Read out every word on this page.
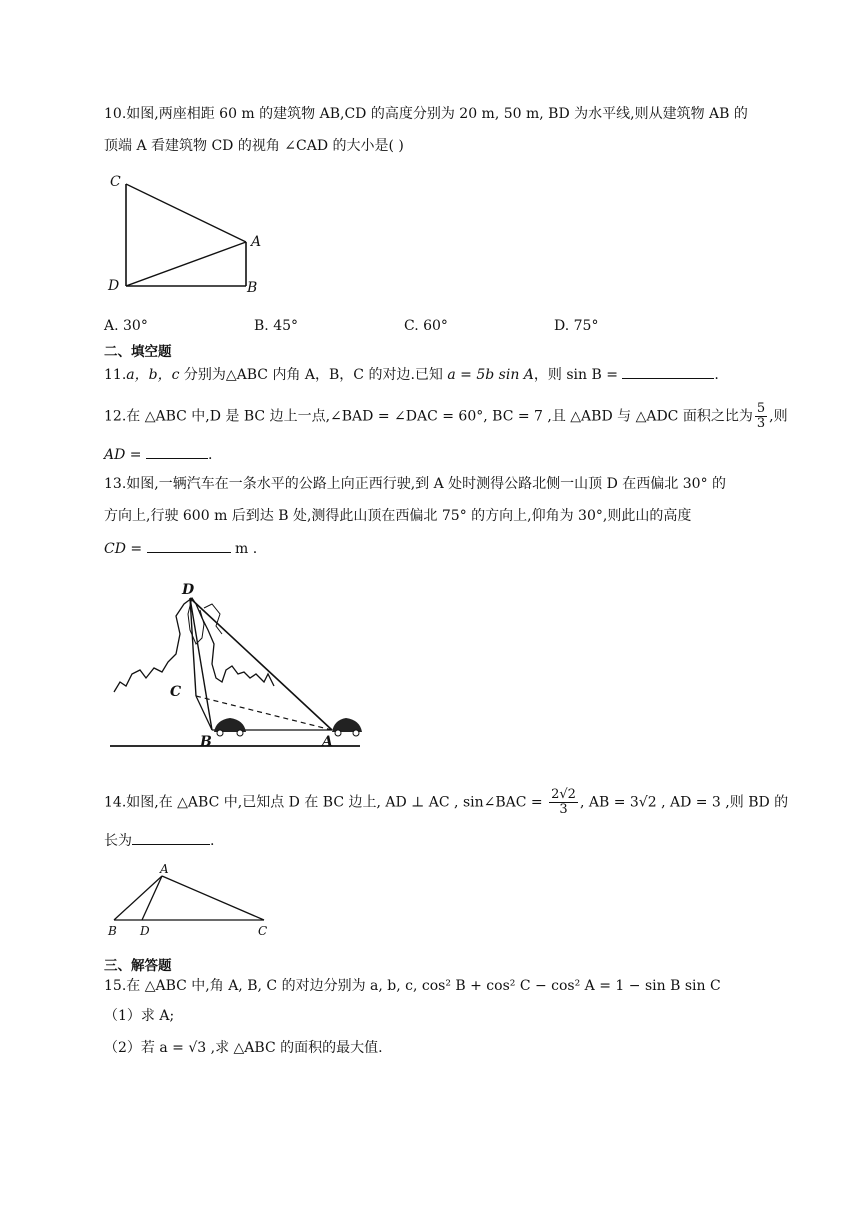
10.如图,两座相距 60 m 的建筑物 AB,CD 的高度分别为 20 m, 50 m, BD 为水平线,则从建筑物 AB 的
顶端 A 看建筑物 CD 的视角 ∠CAD 的大小是( )
C
A
D	B
A. 30°	B. 45°	C. 60°	D. 75°
二、填空题
11.a，b，c 分别为△ABC 内角 A，B，C 的对边.已知 a = 5b sin A，则 sin B =	.
12.在 △ABC 中,D 是 BC 边上一点,∠BAD = ∠DAC = 60°, BC = 7 ,且 △ABD 与 △ADC 面积之比为 $\frac{5}{3}$ ,则
AD =	.
13.如图,一辆汽车在一条水平的公路上向正西行驶,到 A 处时测得公路北侧一山顶 D 在西偏北 30° 的
方向上,行驶 600 m 后到达 B 处,测得此山顶在西偏北 75° 的方向上,仰角为 30°,则此山的高度
CD =	m .
D
C
B	A
14.如图,在 △ABC 中,已知点 D 在 BC 边上, AD ⊥ AC , sin∠BAC = $\frac{2√2}{3}$ , AB = 3√2 , AD = 3 ,则 BD 的
长为	.
A
B D	C
三、解答题
15.在 △ABC 中,角 A, B, C 的对边分别为 a, b, c, cos² B + cos² C − cos² A = 1 − sin B sin C
（1）求 A;
（2）若 a = √3 ,求 △ABC 的面积的最大值.
